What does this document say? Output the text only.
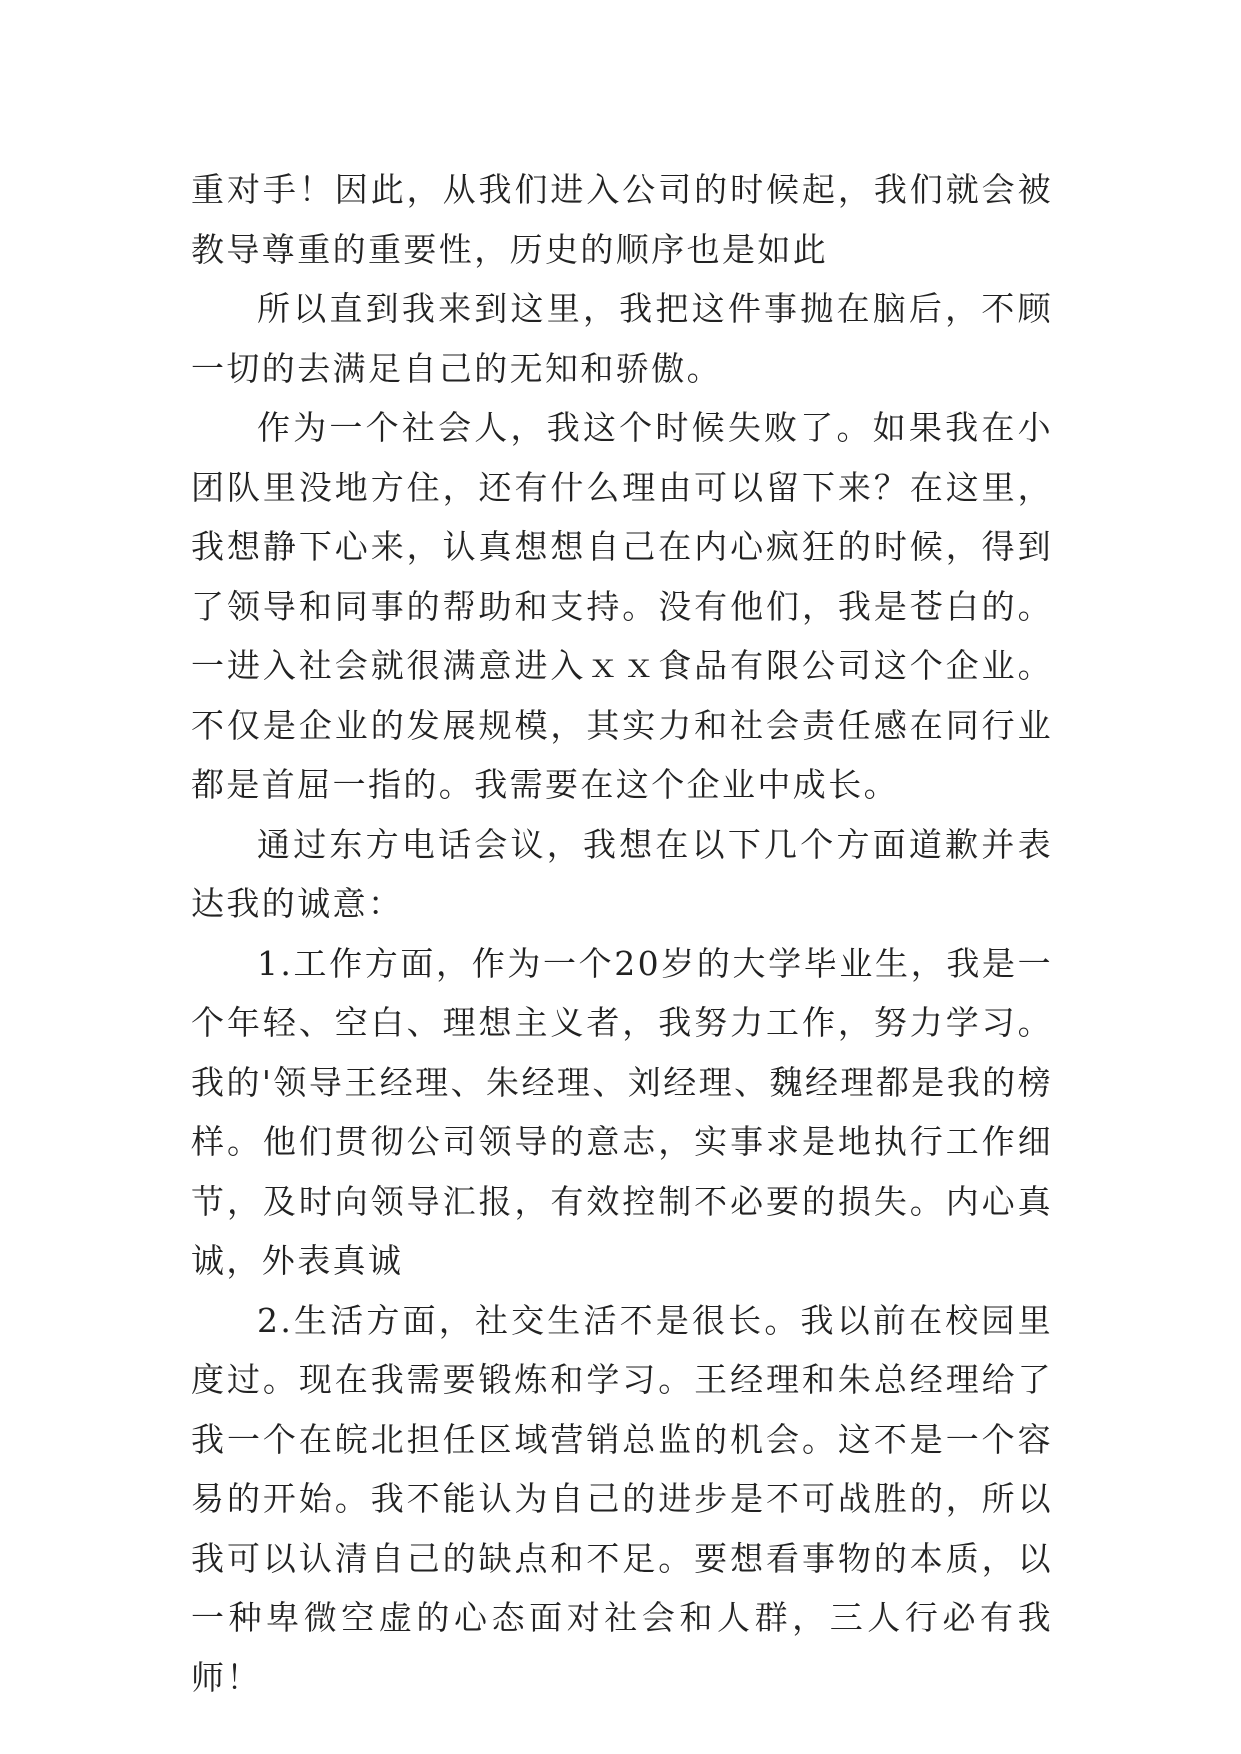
重对手！因此，从我们进入公司的时候起，我们就会被教导尊重的重要性，历史的顺序也是如此

所以直到我来到这里，我把这件事抛在脑后，不顾一切的去满足自己的无知和骄傲。

作为一个社会人，我这个时候失败了。如果我在小团队里没地方住，还有什么理由可以留下来？在这里，我想静下心来，认真想想自己在内心疯狂的时候，得到了领导和同事的帮助和支持。没有他们，我是苍白的。一进入社会就很满意进入ｘｘ食品有限公司这个企业。不仅是企业的发展规模，其实力和社会责任感在同行业都是首屈一指的。我需要在这个企业中成长。

通过东方电话会议，我想在以下几个方面道歉并表达我的诚意：

1.工作方面，作为一个20岁的大学毕业生，我是一个年轻、空白、理想主义者，我努力工作，努力学习。我的'领导王经理、朱经理、刘经理、魏经理都是我的榜样。他们贯彻公司领导的意志，实事求是地执行工作细节，及时向领导汇报，有效控制不必要的损失。内心真诚，外表真诚

2.生活方面，社交生活不是很长。我以前在校园里度过。现在我需要锻炼和学习。王经理和朱总经理给了我一个在皖北担任区域营销总监的机会。这不是一个容易的开始。我不能认为自己的进步是不可战胜的，所以我可以认清自己的缺点和不足。要想看事物的本质，以一种卑微空虚的心态面对社会和人群，三人行必有我师！
